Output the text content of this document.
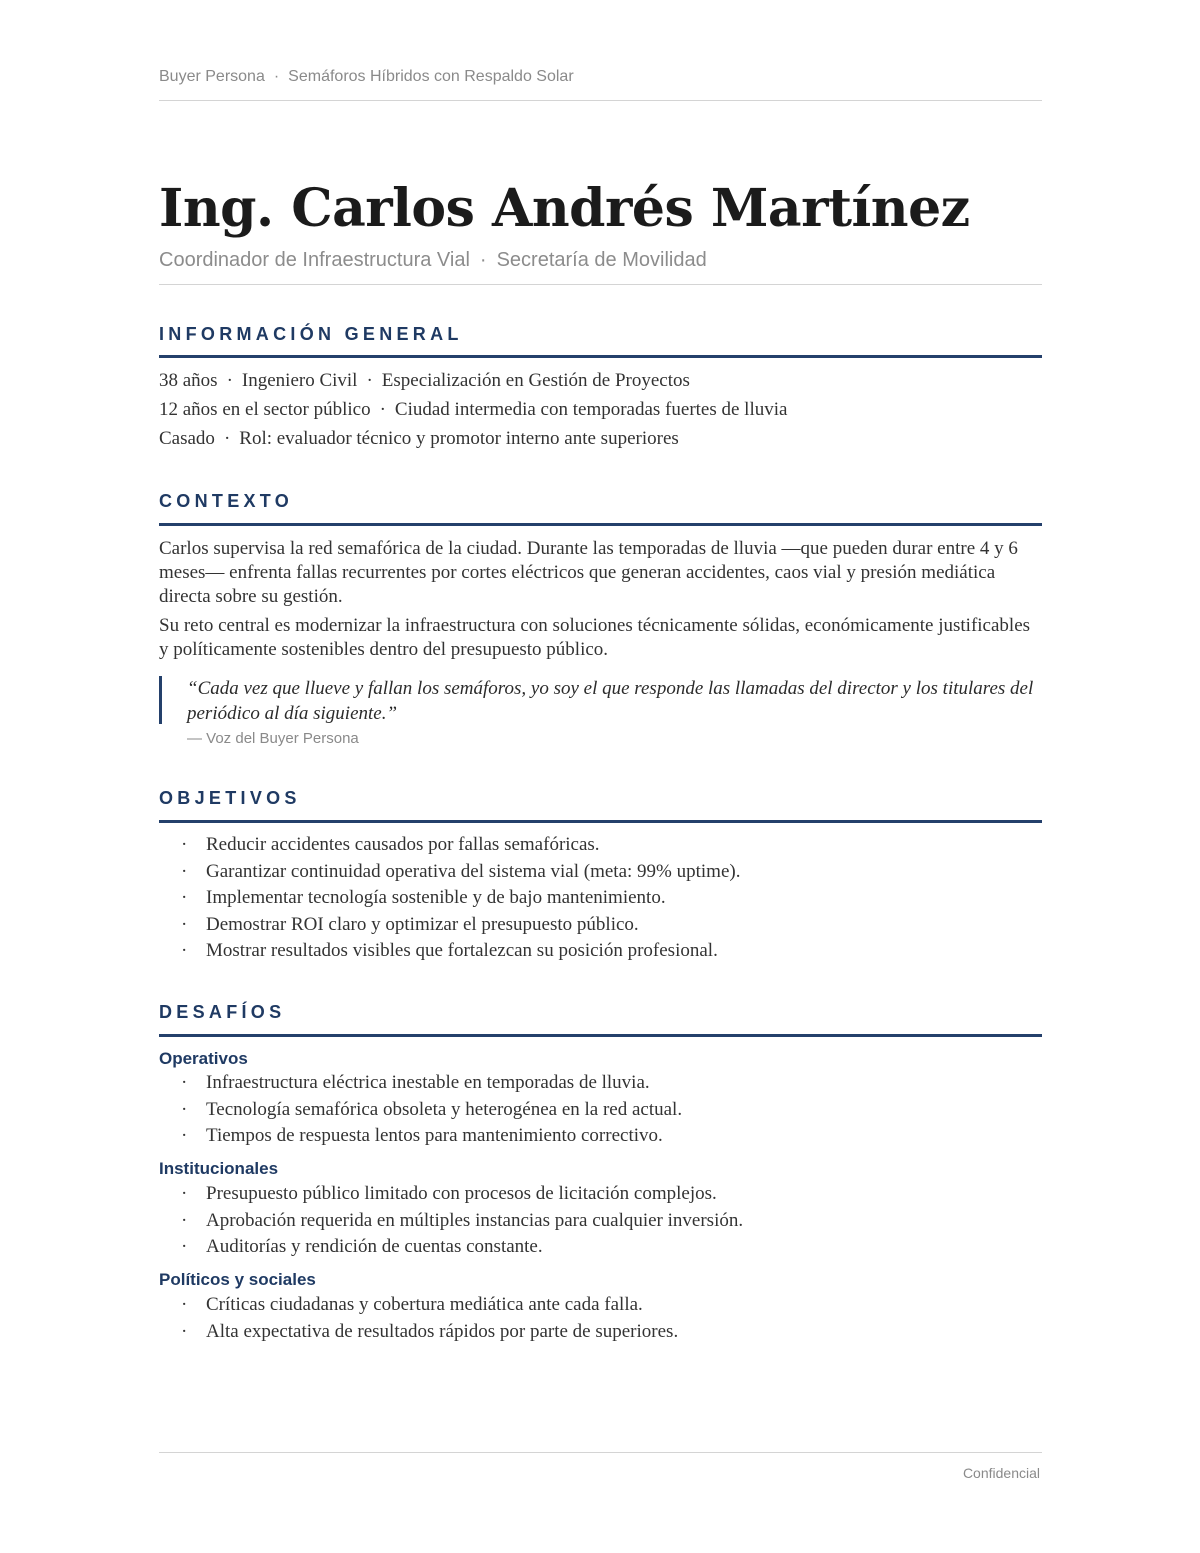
Buyer Persona · Semáforos Híbridos con Respaldo Solar
Ing. Carlos Andrés Martínez
Coordinador de Infraestructura Vial · Secretaría de Movilidad
INFORMACIÓN GENERAL
38 años · Ingeniero Civil · Especialización en Gestión de Proyectos
12 años en el sector público · Ciudad intermedia con temporadas fuertes de lluvia
Casado · Rol: evaluador técnico y promotor interno ante superiores
CONTEXTO

Carlos supervisa la red semafórica de la ciudad. Durante las temporadas de lluvia —que pueden durar entre 4 y 6 meses— enfrenta fallas recurrentes por cortes eléctricos que generan accidentes, caos vial y presión mediática directa sobre su gestión.

Su reto central es modernizar la infraestructura con soluciones técnicamente sólidas, económicamente justificables y políticamente sostenibles dentro del presupuesto público.

“Cada vez que llueve y fallan los semáforos, yo soy el que responde las llamadas del director y los titulares del periódico al día siguiente.”

— Voz del Buyer Persona
OBJETIVOS
· Reducir accidentes causados por fallas semafóricas.
· Garantizar continuidad operativa del sistema vial (meta: 99% uptime).
· Implementar tecnología sostenible y de bajo mantenimiento.
· Demostrar ROI claro y optimizar el presupuesto público.
· Mostrar resultados visibles que fortalezcan su posición profesional.
DESAFÍOS
Operativos
· Infraestructura eléctrica inestable en temporadas de lluvia.
· Tecnología semafórica obsoleta y heterogénea en la red actual.
· Tiempos de respuesta lentos para mantenimiento correctivo.
Institucionales
· Presupuesto público limitado con procesos de licitación complejos.
· Aprobación requerida en múltiples instancias para cualquier inversión.
· Auditorías y rendición de cuentas constante.
Políticos y sociales
· Críticas ciudadanas y cobertura mediática ante cada falla.
· Alta expectativa de resultados rápidos por parte de superiores.
Confidencial
